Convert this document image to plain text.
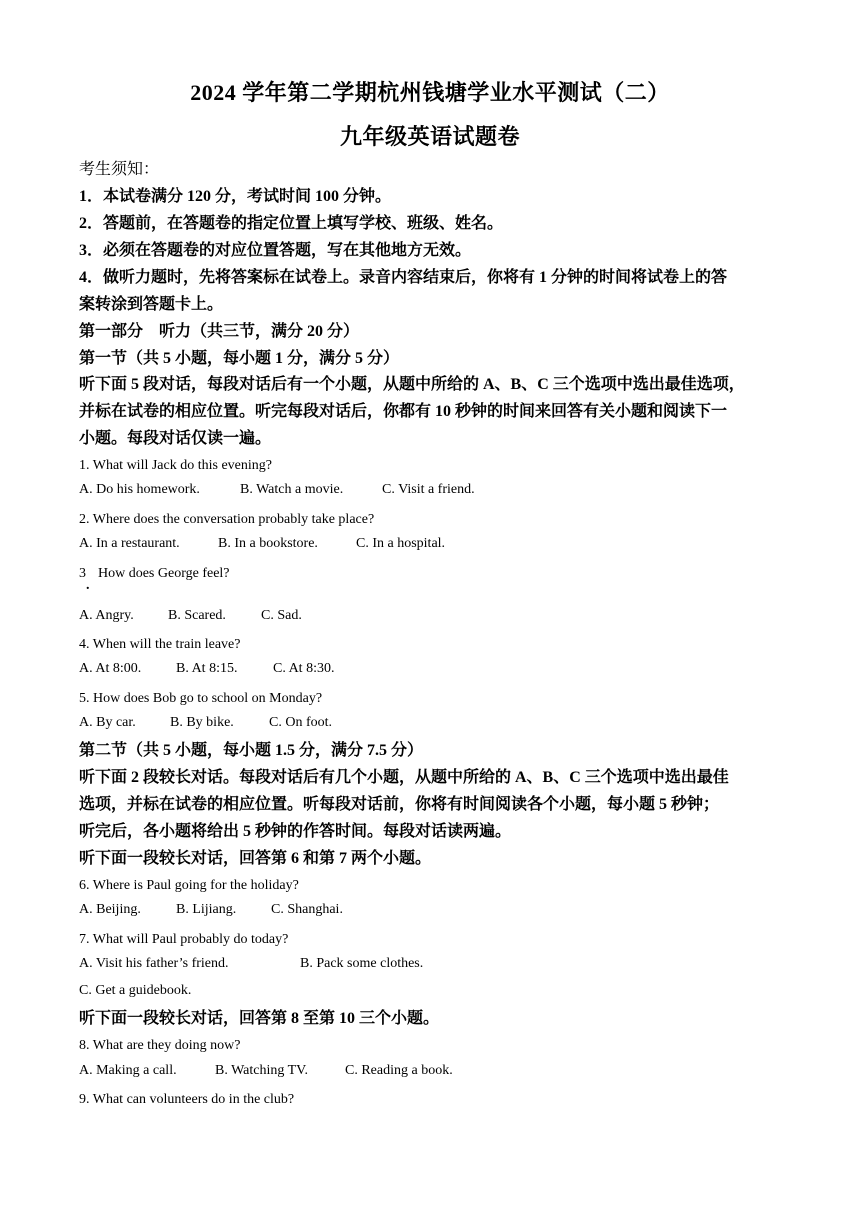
2024 学年第二学期杭州钱塘学业水平测试（二）
九年级英语试题卷
考生须知：
1．本试卷满分 120 分，考试时间 100 分钟。
2．答题前，在答题卷的指定位置上填写学校、班级、姓名。
3．必须在答题卷的对应位置答题，写在其他地方无效。
4．做听力题时，先将答案标在试卷上。录音内容结束后，你将有 1 分钟的时间将试卷上的答
案转涂到答题卡上。
第一部分　听力（共三节，满分 20 分）
第一节（共 5 小题，每小题 1 分，满分 5 分）
听下面 5 段对话，每段对话后有一个小题，从题中所给的 A、B、C 三个选项中选出最佳选项，
并标在试卷的相应位置。听完每段对话后，你都有 10 秒钟的时间来回答有关小题和阅读下一
小题。每段对话仅读一遍。
1. What will Jack do this evening?
A. Do his homework.	B. Watch a movie.	C. Visit a friend.
2. Where does the conversation probably take place?
A. In a restaurant.	B. In a bookstore.	C. In a hospital.
3
.
How does George feel?
A. Angry. B. Scared.	C. Sad.
4. When will the train leave?
A. At 8:00. B. At 8:15.	C. At 8:30.
5. How does Bob go to school on Monday?
A. By car. B. By bike.	C. On foot.
第二节（共 5 小题，每小题 1.5 分，满分 7.5 分）
听下面 2 段较长对话。每段对话后有几个小题，从题中所给的 A、B、C 三个选项中选出最佳
选项，并标在试卷的相应位置。听每段对话前，你将有时间阅读各个小题，每小题 5 秒钟；
听完后，各小题将给出 5 秒钟的作答时间。每段对话读两遍。
听下面一段较长对话，回答第 6 和第 7 两个小题。
6. Where is Paul going for the holiday?
A. Beijing.	B. Lijiang. C. Shanghai.
7. What will Paul probably do today?
A. Visit his father’s friend.	B. Pack some clothes.
C. Get a guidebook.
听下面一段较长对话，回答第 8 至第 10 三个小题。
8. What are they doing now?
A. Making a call.	B. Watching TV.	C. Reading a book.
9. What can volunteers do in the club?
